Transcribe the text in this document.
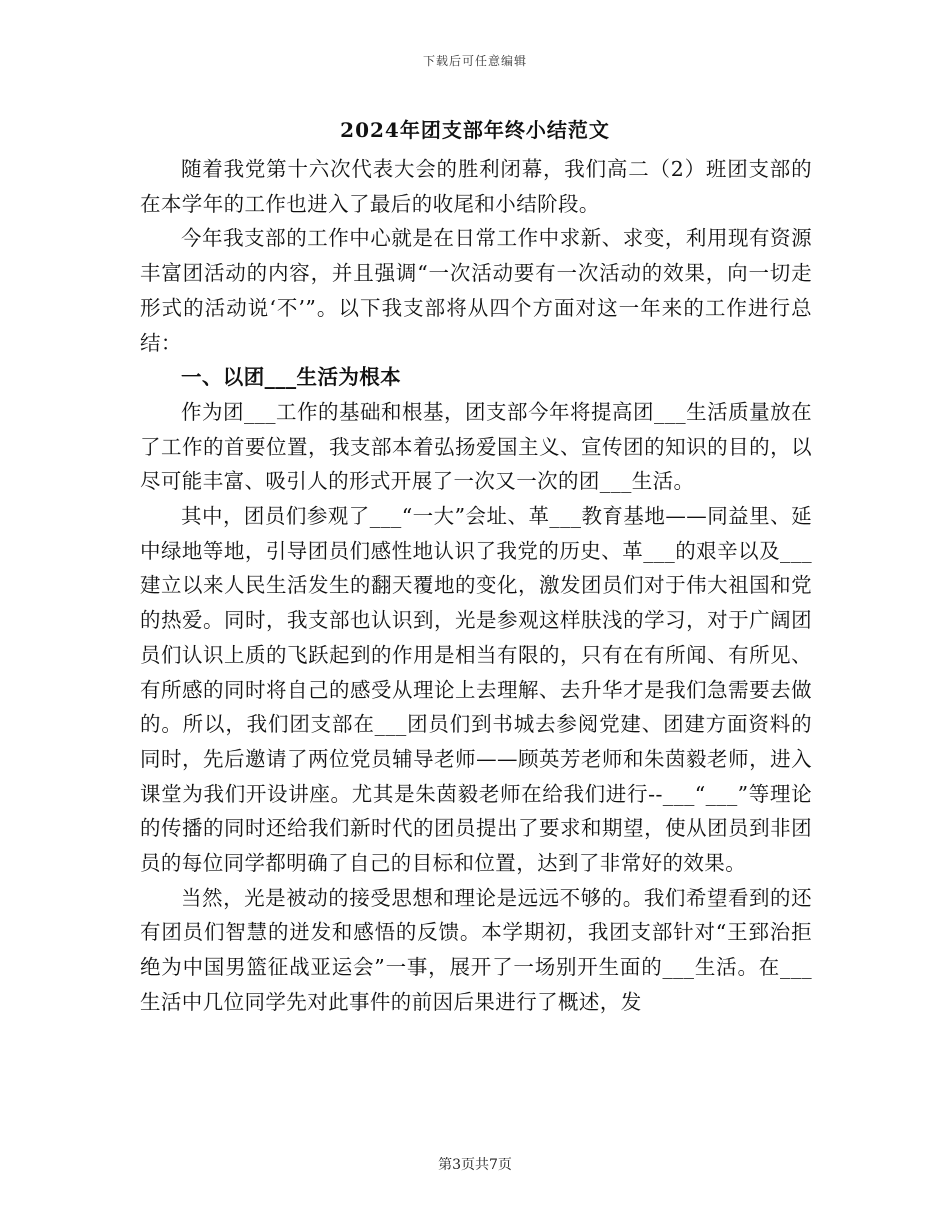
下载后可任意编辑
2024年团支部年终小结范文

随着我党第十六次代表大会的胜利闭幕，我们高二（2）班团支部的在本学年的工作也进入了最后的收尾和小结阶段。

今年我支部的工作中心就是在日常工作中求新、求变，利用现有资源丰富团活动的内容，并且强调“一次活动要有一次活动的效果，向一切走形式的活动说‘不’”。以下我支部将从四个方面对这一年来的工作进行总结：

一、以团___生活为根本

作为团___工作的基础和根基，团支部今年将提高团___生活质量放在了工作的首要位置，我支部本着弘扬爱国主义、宣传团的知识的目的，以尽可能丰富、吸引人的形式开展了一次又一次的团___生活。

其中，团员们参观了___“一大”会址、革___教育基地——同益里、延中绿地等地，引导团员们感性地认识了我党的历史、革___的艰辛以及___建立以来人民生活发生的翻天覆地的变化，激发团员们对于伟大祖国和党的热爱。同时，我支部也认识到，光是参观这样肤浅的学习，对于广阔团员们认识上质的飞跃起到的作用是相当有限的，只有在有所闻、有所见、有所感的同时将自己的感受从理论上去理解、去升华才是我们急需要去做的。所以，我们团支部在___团员们到书城去参阅党建、团建方面资料的同时，先后邀请了两位党员辅导老师——顾英芳老师和朱茵毅老师，进入课堂为我们开设讲座。尤其是朱茵毅老师在给我们进行--___“___”等理论的传播的同时还给我们新时代的团员提出了要求和期望，使从团员到非团员的每位同学都明确了自己的目标和位置，达到了非常好的效果。

当然，光是被动的接受思想和理论是远远不够的。我们希望看到的还有团员们智慧的迸发和感悟的反馈。本学期初，我团支部针对“王郅治拒绝为中国男篮征战亚运会”一事，展开了一场别开生面的___生活。在___生活中几位同学先对此事件的前因后果进行了概述，发

第3页共7页
